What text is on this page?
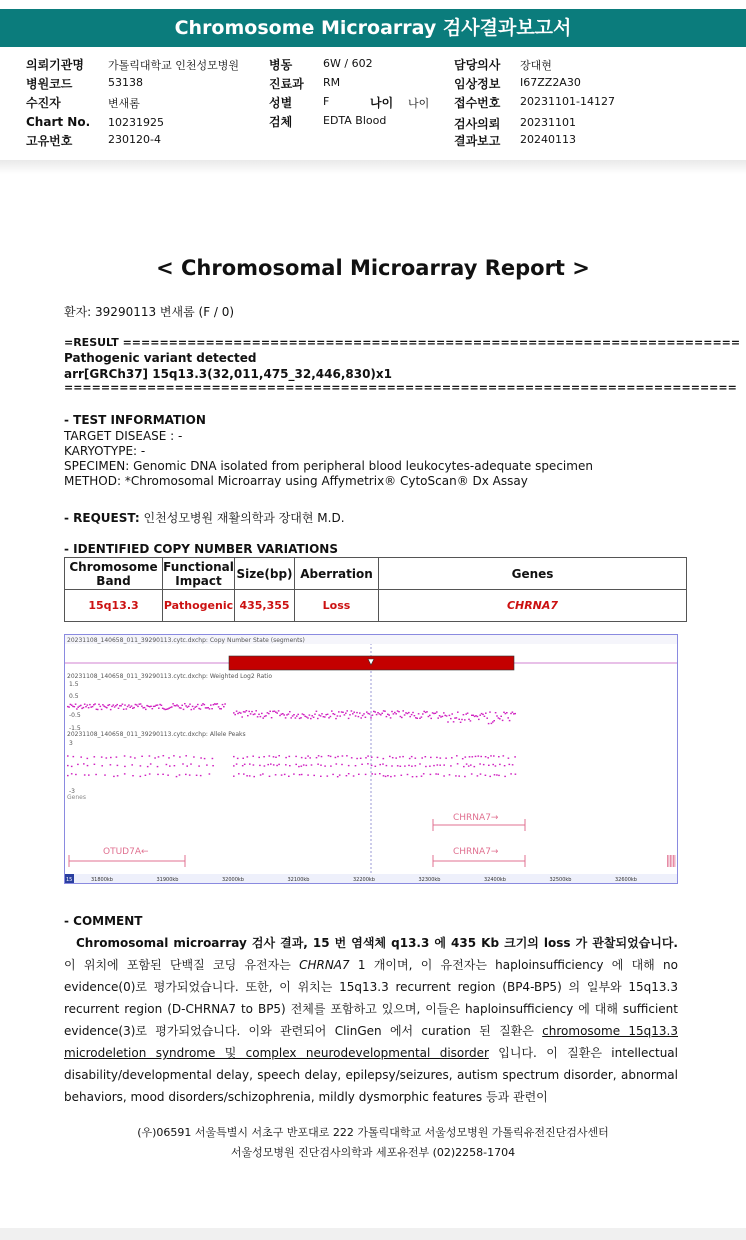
Chromosome Microarray 검사결과보고서
의뢰기관명 가톨릭대학교 인천성모병원
병원코드	53138
수진자	변새롬
Chart No. 10231925
고유번호	230120-4
병동	6W / 602
진료과 RM
성별	F	나이 나이
검체	EDTA Blood
담당의사 장대현
임상정보 I67ZZ2A30
접수번호 20231101-14127
검사의뢰 20231101
결과보고 20240113
< Chromosomal Microarray Report >
환자: 39290113 변새롬 (F / 0)
=RESULT ===================================================================
Pathogenic variant detected
arr[GRCh37] 15q13.3(32,011,475_32,446,830)x1
=========================================================================
- TEST INFORMATION
TARGET DISEASE : -
KARYOTYPE: -
SPECIMEN: Genomic DNA isolated from peripheral blood leukocytes-adequate specimen
METHOD: *Chromosomal Microarray using Affymetrix® CytoScan® Dx Assay
- REQUEST: 인천성모병원 재활의학과 장대현 M.D.
- IDENTIFIED COPY NUMBER VARIATIONS
Chromosome Band	Functional Impact	Size(bp)	Aberration	Genes
15q13.3	Pathogenic	435,355	Loss	CHRNA7
20231108_140658_011_39290113.cytc.dxchp: Copy Number State (segments)
20231108_140658_011_39290113.cytc.dxchp: Weighted Log2 Ratio
1.5
0.5
-0.5
-1.5
20231108_140658_011_39290113.cytc.dxchp: Allele Peaks
3
-3
Genes
CHRNA7→
CHRNA7→
OTUD7A←
15	31800kb	31900kb	32000kb	32100kb	32200kb	32300kb	32400kb	32500kb	32600kb
- COMMENT
Chromosomal microarray 검사 결과, 15 번 염색체 q13.3 에 435 Kb 크기의 loss 가 관찰되었습니다. 이 위치에 포함된 단백질 코딩 유전자는 CHRNA7 1 개이며, 이 유전자는 haploinsufficiency 에 대해 no evidence(0)로 평가되었습니다. 또한, 이 위치는 15q13.3 recurrent region (BP4-BP5) 의 일부와 15q13.3 recurrent region (D-CHRNA7 to BP5) 전체를 포함하고 있으며, 이들은 haploinsufficiency 에 대해 sufficient evidence(3)로 평가되었습니다. 이와 관련되어 ClinGen 에서 curation 된 질환은 chromosome 15q13.3 microdeletion syndrome 및 complex neurodevelopmental disorder 입니다. 이 질환은 intellectual disability/developmental delay, speech delay, epilepsy/seizures, autism spectrum disorder, abnormal behaviors, mood disorders/schizophrenia, mildly dysmorphic features 등과 관련이
(우)06591 서울특별시 서초구 반포대로 222 가톨릭대학교 서울성모병원 가톨릭유전진단검사센터
서울성모병원 진단검사의학과 세포유전부 (02)2258-1704
